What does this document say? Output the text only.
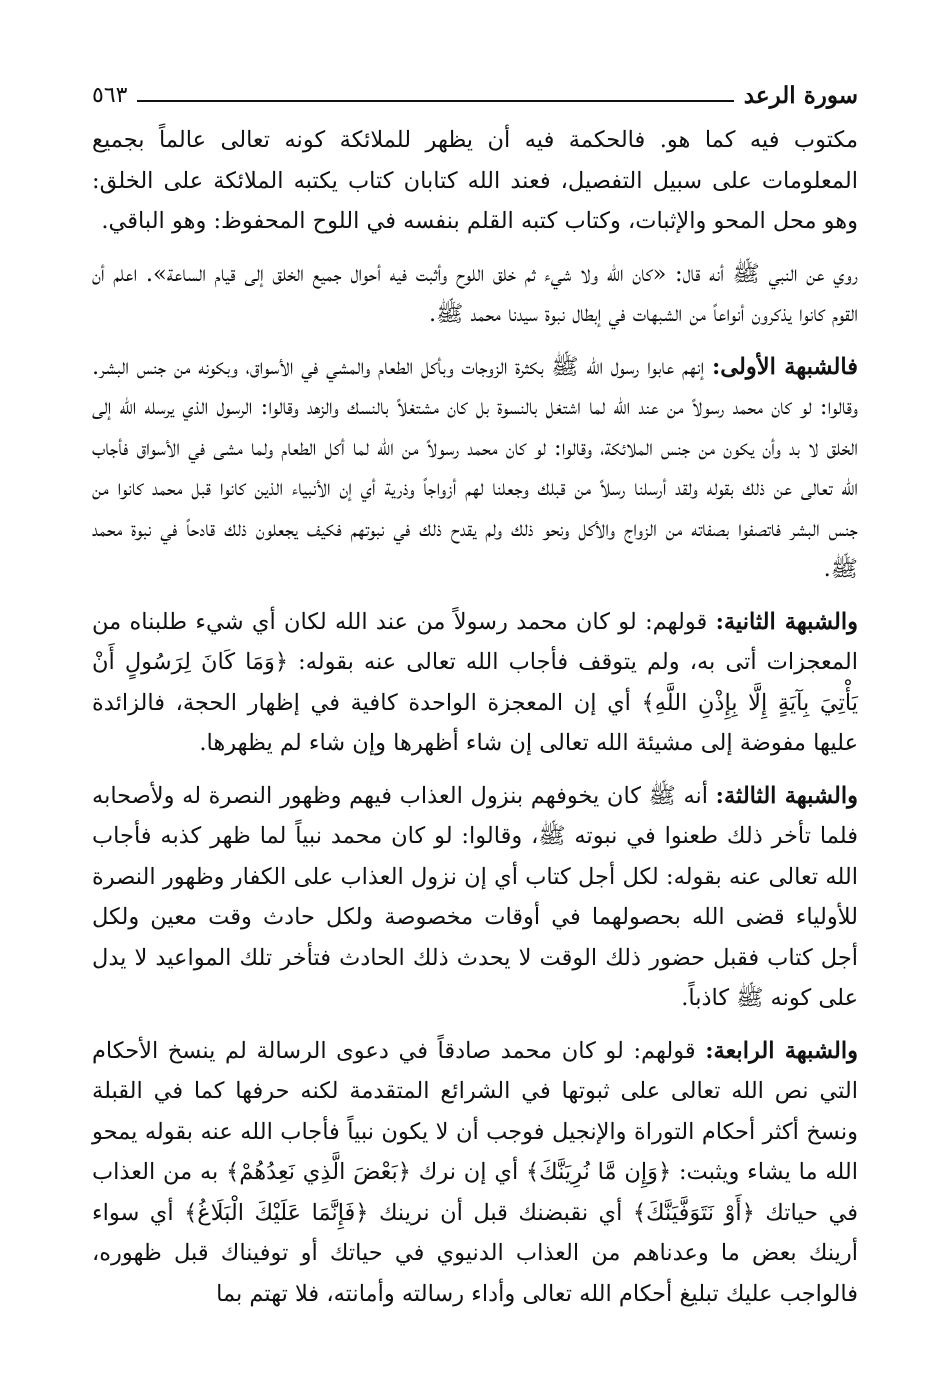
٥٦٣	سورة الرعد

مكتوب فيه كما هو. فالحكمة فيه أن يظهر للملائكة كونه تعالى عالماً بجميع المعلومات على سبيل التفصيل، فعند الله كتابان كتاب يكتبه الملائكة على الخلق: وهو محل المحو والإثبات، وكتاب كتبه القلم بنفسه في اللوح المحفوظ: وهو الباقي.

روي عن النبي ﷺ أنه قال: «كان الله ولا شيء ثم خلق اللوح وأثبت فيه أحوال جميع الخلق إلى قيام الساعة». اعلم أن القوم كانوا يذكرون أنواعاً من الشبهات في إبطال نبوة سيدنا محمد ﷺ.

فالشبهة الأولى: إنهم عابوا رسول الله ﷺ بكثرة الزوجات وبأكل الطعام والمشي في الأسواق، وبكونه من جنس البشر. وقالوا: لو كان محمد رسولاً من عند الله لما اشتغل بالنسوة بل كان مشتغلاً بالنسك والزهد وقالوا: الرسول الذي يرسله الله إلى الخلق لا بد وأن يكون من جنس الملائكة، وقالوا: لو كان محمد رسولاً من الله لما أكل الطعام ولما مشى في الأسواق فأجاب الله تعالى عن ذلك بقوله ولقد أرسلنا رسلاً من قبلك وجعلنا لهم أزواجاً وذرية أي إن الأنبياء الذين كانوا قبل محمد كانوا من جنس البشر فاتصفوا بصفاته من الزواج والأكل ونحو ذلك ولم يقدح ذلك في نبوتهم فكيف يجعلون ذلك قادحاً في نبوة محمد ﷺ.

والشبهة الثانية: قولهم: لو كان محمد رسولاً من عند الله لكان أي شيء طلبناه من المعجزات أتى به، ولم يتوقف فأجاب الله تعالى عنه بقوله: ﴿وَمَا كَانَ لِرَسُولٍ أَنْ يَأْتِيَ بِآيَةٍ إِلَّا بِإِذْنِ اللَّهِ﴾ أي إن المعجزة الواحدة كافية في إظهار الحجة، فالزائدة عليها مفوضة إلى مشيئة الله تعالى إن شاء أظهرها وإن شاء لم يظهرها.

والشبهة الثالثة: أنه ﷺ كان يخوفهم بنزول العذاب فيهم وظهور النصرة له ولأصحابه فلما تأخر ذلك طعنوا في نبوته ﷺ، وقالوا: لو كان محمد نبياً لما ظهر كذبه فأجاب الله تعالى عنه بقوله: لكل أجل كتاب أي إن نزول العذاب على الكفار وظهور النصرة للأولياء قضى الله بحصولهما في أوقات مخصوصة ولكل حادث وقت معين ولكل أجل كتاب فقبل حضور ذلك الوقت لا يحدث ذلك الحادث فتأخر تلك المواعيد لا يدل على كونه ﷺ كاذباً.

والشبهة الرابعة: قولهم: لو كان محمد صادقاً في دعوى الرسالة لم ينسخ الأحكام التي نص الله تعالى على ثبوتها في الشرائع المتقدمة لكنه حرفها كما في القبلة ونسخ أكثر أحكام التوراة والإنجيل فوجب أن لا يكون نبياً فأجاب الله عنه بقوله يمحو الله ما يشاء ويثبت: ﴿وَإِن مَّا نُرِيَنَّكَ﴾ أي إن نرك ﴿بَعْضَ الَّذِي نَعِدُهُمْ﴾ به من العذاب في حياتك ﴿أَوْ نَتَوَفَّيَنَّكَ﴾ أي نقبضنك قبل أن نرينك ﴿فَإِنَّمَا عَلَيْكَ الْبَلَاغُ﴾ أي سواء أرينك بعض ما وعدناهم من العذاب الدنيوي في حياتك أو توفيناك قبل ظهوره، فالواجب عليك تبليغ أحكام الله تعالى وأداء رسالته وأمانته، فلا تهتم بما
